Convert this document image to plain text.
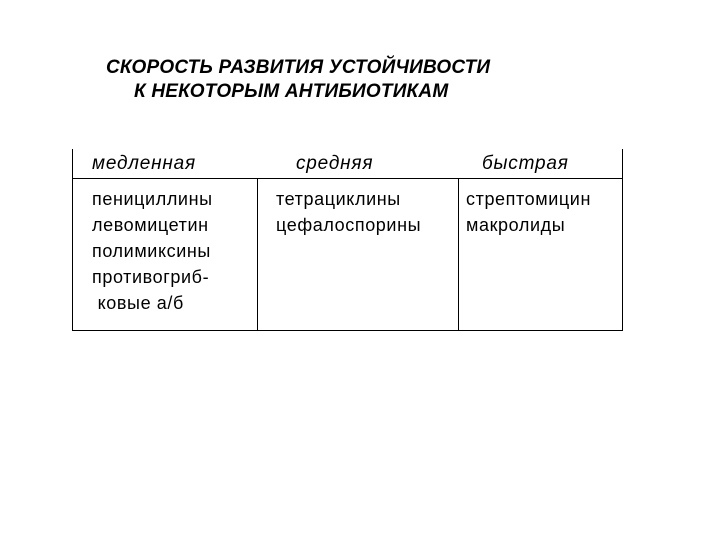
СКОРОСТЬ РАЗВИТИЯ УСТОЙЧИВОСТИ
К НЕКОТОРЫМ АНТИБИОТИКАМ
медленная	средняя	быстрая
пенициллины
левомицетин
полимиксины
противогриб-
ковые а/б
тетрациклины
цефалоспорины
стрептомицин
макролиды
